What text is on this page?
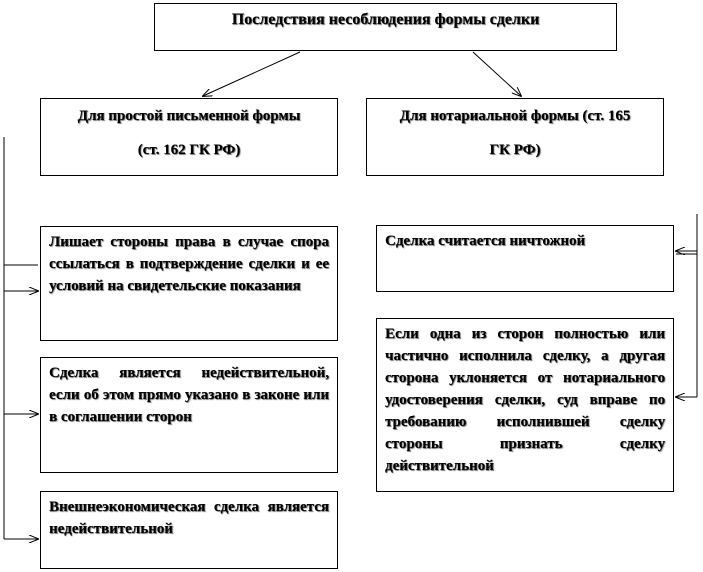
Последствия несоблюдения формы сделки
Для простой письменной формы
(ст. 162 ГК РФ)
Для нотариальной формы (ст. 165
ГК РФ)
Лишает стороны права в случае спора ссылаться в подтверждение сделки и ее условий на свидетельские показания
Сделка является недействительной, если об этом прямо указано в законе или в соглашении сторон
Внешнеэкономическая сделка является недействительной
Сделка считается ничтожной
Если одна из сторон полностью или частично исполнила сделку, а другая сторона уклоняется от нотариального удостоверения сделки, суд вправе по требованию исполнившей сделку стороны признать сделку действительной
